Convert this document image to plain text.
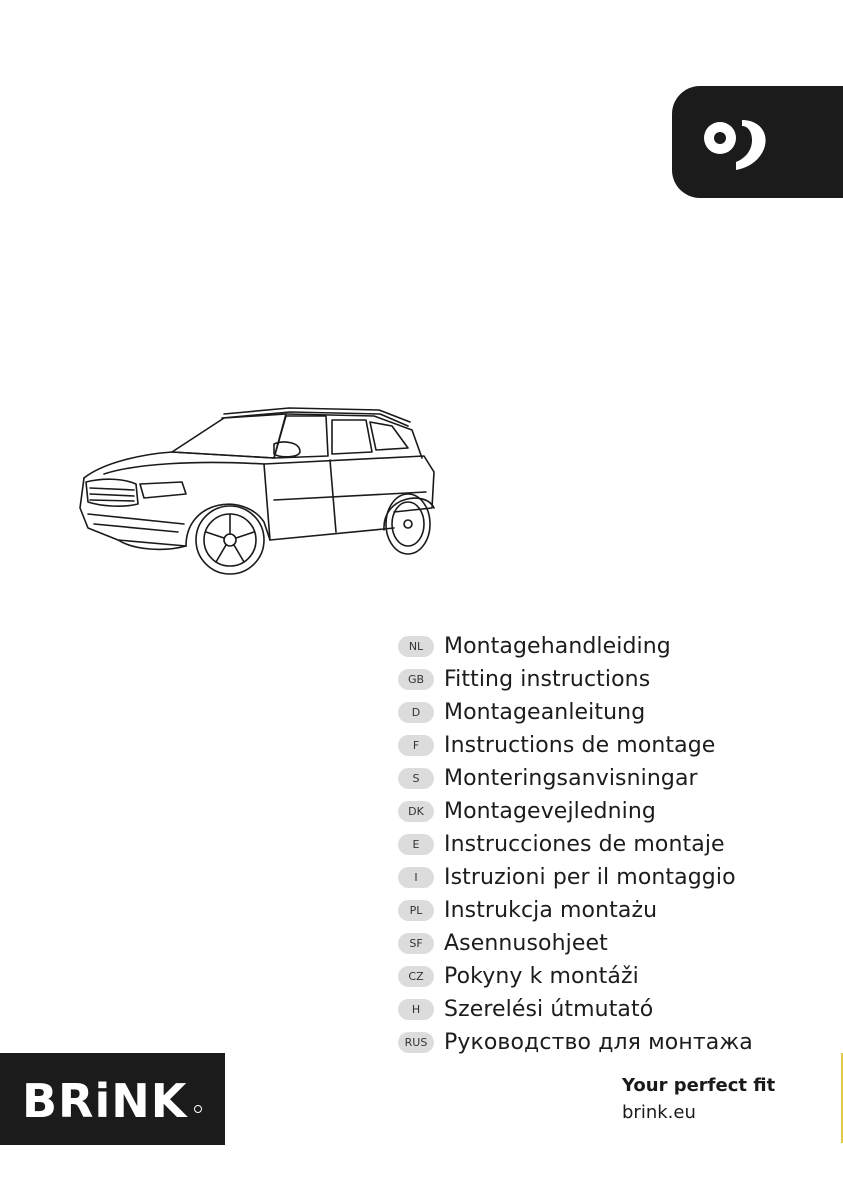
NL Montagehandleiding
GB Fitting instructions
D	Montageanleitung
F	Instructions de montage
S	Monteringsanvisningar
DK Montagevejledning
E	Instrucciones de montaje
I	Istruzioni per il montaggio
PL Instrukcja montażu
SF Asennusohjeet
CZ Pokyny k montáži
H	Szerelési útmutató
RUS Руководство для монтажа
BRiNK	Your perfect fit
brink.eu
